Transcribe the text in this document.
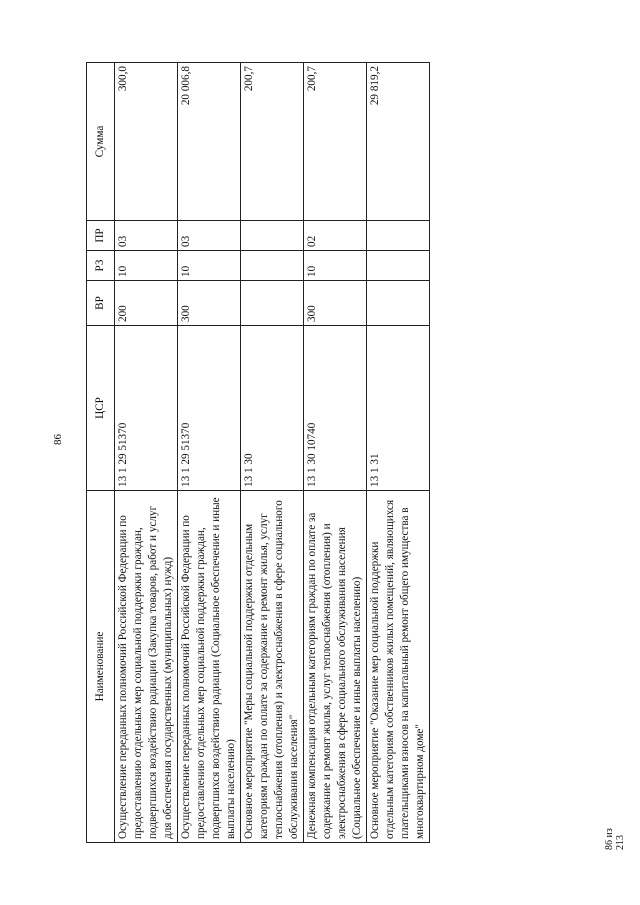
86
Наименование	ЦСР	ВР	РЗ	ПР	Сумма
Осуществление переданных полномочий Российской Федерации по предоставлению отдельных мер социальной поддержки граждан, подвергшихся воздействию радиации (Закупка товаров, работ и услуг для обеспечения государственных (муниципальных) нужд)	13 1 29 51370	200	10	03	300,0
Осуществление переданных полномочий Российской Федерации по предоставлению отдельных мер социальной поддержки граждан, подвергшихся воздействию радиации (Социальное обеспечение и иные выплаты населению)	13 1 29 51370	300	10	03	20 006,8
Основное мероприятие "Меры социальной поддержки отдельным категориям граждан по оплате за содержание и ремонт жилья, услуг теплоснабжения (отопления) и электроснабжения в сфере социального обслуживания населения"	13 1 30				200,7
Денежная компенсация отдельным категориям граждан по оплате за содержание и ремонт жилья, услуг теплоснабжения (отопления) и электроснабжения в сфере социального обслуживания населения (Социальное обеспечение и иные выплаты населению)	13 1 30 10740	300	10	02	200,7
Основное мероприятие "Оказание мер социальной поддержки отдельным категориям собственников жилых помещений, являющихся плательщиками взносов на капитальный ремонт общего имущества в многоквартирном доме"	13 1 31				29 819,2
86 из 213
